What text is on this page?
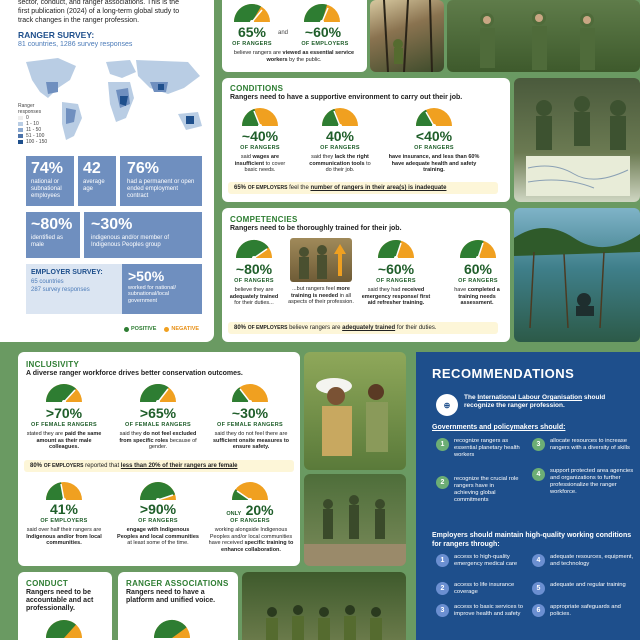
sector, conduct, and ranger associations. This is the
first publication (2024) of a long-term global study to
track changes in the ranger profession.
RANGER SURVEY:
81 countries, 1286 survey responses
Ranger responses
0
1 - 10
11 - 50
51 - 100
100 - 150
74%
national or subnational employees
42
average age
76%
had a permanent or open ended employment contract
~80%
identified as male
~30%
indigenous and/or member of Indigenous Peoples group
EMPLOYER SURVEY:
65 countries
287 survey responses
>50%
worked for national/ subnational/local government
POSITIVE	NEGATIVE
65%
OF RANGERS
and	~60%
OF EMPLOYERS
believe rangers are viewed as essential service workers by the public.
CONDITIONS
Rangers need to have a supportive environment to carry out their job.
~40%
OF RANGERS
said wages are insufficient to cover basic needs.
40%
OF RANGERS
said they lack the right communication tools to do their job.
<40%
OF RANGERS
have insurance, and less than 60% have adequate health and safety training.
65% OF EMPLOYERS feel the number of rangers in their area(s) is inadequate
COMPETENCIES
Rangers need to be thoroughly trained for their job.
~80%
OF RANGERS
believe they are adequately trained for their duties...
...but rangers feel more training is needed in all aspects of their profession.
~60%
OF RANGERS
said they had received emergency response/ first aid refresher training.
60%
OF RANGERS
have completed a training needs assessment.
80% OF EMPLOYERS believe rangers are adequately trained for their duties.
INCLUSIVITY
A diverse ranger workforce drives better conservation outcomes.
>70%
OF FEMALE RANGERS
stated they are paid the same amount as their male colleagues.
>65%
OF FEMALE RANGERS
said they do not feel excluded from specific roles because of gender.
~30%
OF FEMALE RANGERS
said they do not feel there are sufficient onsite measures to ensure safety.
80% OF EMPLOYERS reported that less than 20% of their rangers are female
41%
OF EMPLOYERS
said over half their rangers are Indigenous and/or from local communities.
>90%
OF RANGERS
engage with Indigenous Peoples and local communities at least some of the time.
ONLY 20%
OF RANGERS
working alongside Indigenous Peoples and/or local communities have received specific training to enhance collaboration.
CONDUCT
Rangers need to be accountable and act professionally.
RANGER ASSOCIATIONS
Rangers need to have a platform and unified voice.
RECOMMENDATIONS
⊕
The International Labour Organisation should recognize the ranger profession.
Governments and policymakers should:
1	recognize rangers as essential planetary health workers
2	recognize the crucial role rangers have in achieving global commitments
3	allocate resources to increase rangers with a diversity of skills
4	support protected area agencies and organizations to further professionalize the ranger workforce.
Employers should maintain high-quality working conditions for rangers through:
1	access to high-quality emergency medical care
2	access to life insurance coverage
3	access to basic services to improve health and safety
4	adequate resources, equipment, and technology
5	adequate and regular training
6	appropriate safeguards and policies.
